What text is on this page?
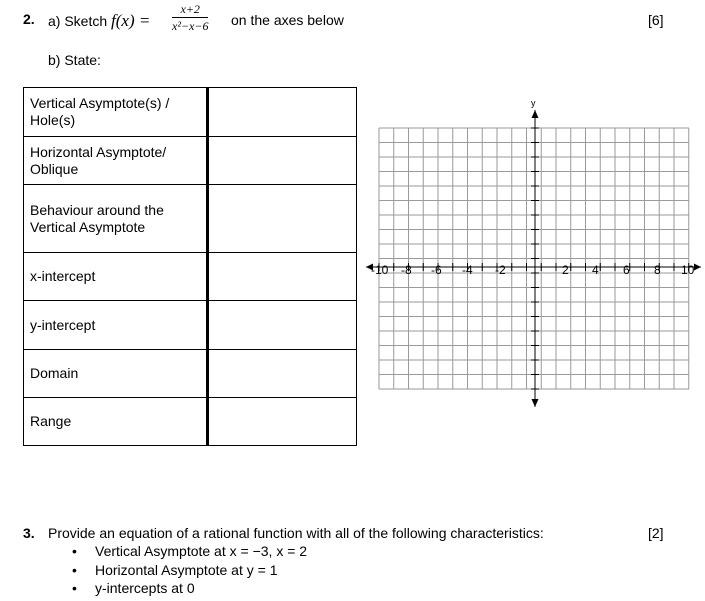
2. a) Sketch $f(x) = \frac{x+2}{\text{x²−x−6}}$ on the axes below	[6]
b) State:
Vertical Asymptote(s) / Hole(s)	
Horizontal Asymptote/ Oblique	
Behaviour around the Vertical Asymptote	
x-intercept	
y-intercept	
Domain	
Range	
-10 -8 -6 -4 -2	2 4 6 8 10
y
3. Provide an equation of a rational function with all of the following characteristics:	[2]
• Vertical Asymptote at x = −3, x = 2
• Horizontal Asymptote at y = 1
• y-intercepts at 0
